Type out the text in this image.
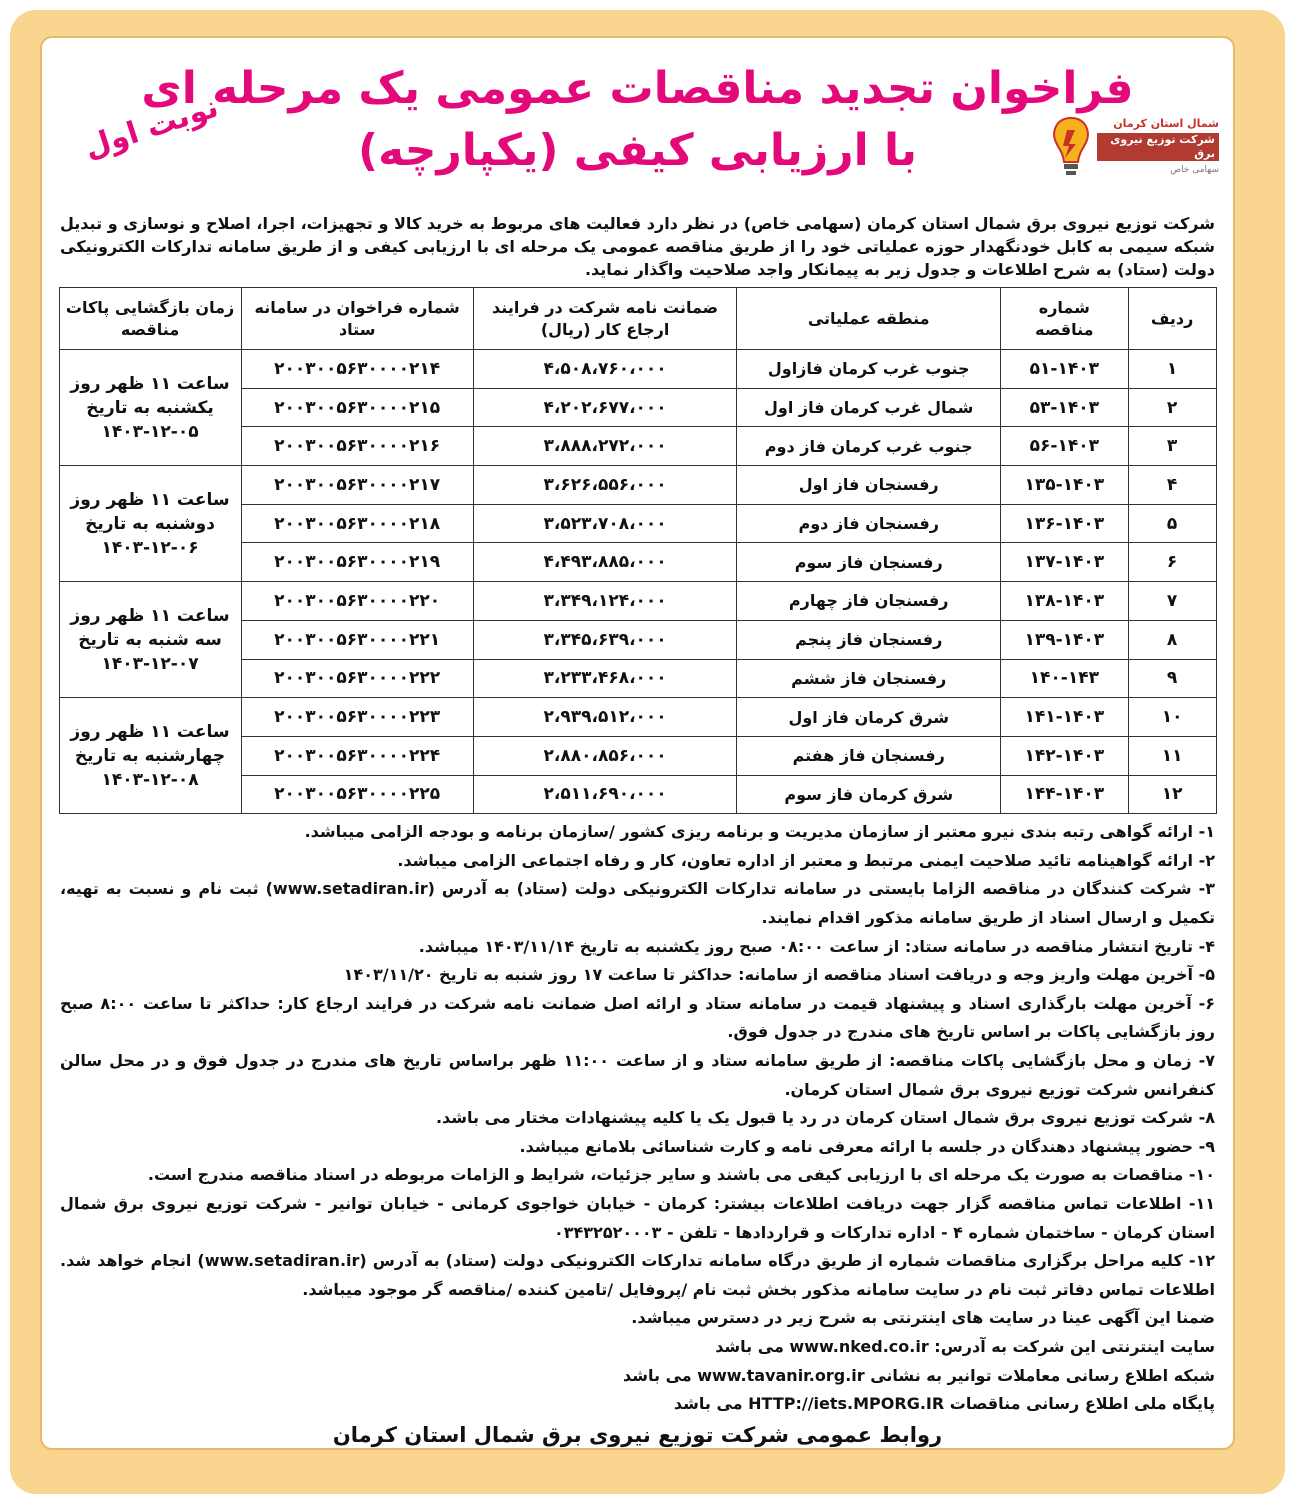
شمال استان کرمان
شرکت توزیع نیروی برق
سهامی خاص
فراخوان تجدید مناقصات عمومی یک مرحله ای
با ارزیابی کیفی (یکپارچه)
نوبت اول

شرکت توزیع نیروی برق شمال استان کرمان (سهامی خاص) در نظر دارد فعالیت های مربوط به خرید کالا و تجهیزات، اجرا، اصلاح و نوسازی و تبدیل شبکه سیمی به کابل خودنگهدار حوزه عملیاتی خود را از طریق مناقصه عمومی یک مرحله ای با ارزیابی کیفی و از طریق سامانه تدارکات الکترونیکی دولت (ستاد) به شرح اطلاعات و جدول زیر به پیمانکار واجد صلاحیت واگذار نماید.

ردیف	شماره مناقصه	منطقه عملیاتی	ضمانت نامه شرکت در فرایند ارجاع کار (ریال)	شماره فراخوان در سامانه ستاد	زمان بازگشایی پاکات مناقصه
۱	۵۱-۱۴۰۳	جنوب غرب کرمان فازاول	۴،۵۰۸،۷۶۰،۰۰۰	۲۰۰۳۰۰۵۶۳۰۰۰۰۲۱۴	ساعت ۱۱ ظهر روز یکشنبه به تاریخ ۰۵-۱۲-۱۴۰۳
۲	۵۳-۱۴۰۳	شمال غرب کرمان فاز اول	۴،۲۰۲،۶۷۷،۰۰۰	۲۰۰۳۰۰۵۶۳۰۰۰۰۲۱۵	
۳	۵۶-۱۴۰۳	جنوب غرب کرمان فاز دوم	۳،۸۸۸،۲۷۲،۰۰۰	۲۰۰۳۰۰۵۶۳۰۰۰۰۲۱۶	
۴	۱۳۵-۱۴۰۳	رفسنجان فاز اول	۳،۶۲۶،۵۵۶،۰۰۰	۲۰۰۳۰۰۵۶۳۰۰۰۰۲۱۷	ساعت ۱۱ ظهر روز دوشنبه به تاریخ ۰۶-۱۲-۱۴۰۳
۵	۱۳۶-۱۴۰۳	رفسنجان فاز دوم	۳،۵۲۳،۷۰۸،۰۰۰	۲۰۰۳۰۰۵۶۳۰۰۰۰۲۱۸	
۶	۱۳۷-۱۴۰۳	رفسنجان فاز سوم	۴،۴۹۳،۸۸۵،۰۰۰	۲۰۰۳۰۰۵۶۳۰۰۰۰۲۱۹	
۷	۱۳۸-۱۴۰۳	رفسنجان فاز چهارم	۳،۳۴۹،۱۲۴،۰۰۰	۲۰۰۳۰۰۵۶۳۰۰۰۰۲۲۰	ساعت ۱۱ ظهر روز سه شنبه به تاریخ ۰۷-۱۲-۱۴۰۳
۸	۱۳۹-۱۴۰۳	رفسنجان فاز پنجم	۳،۳۴۵،۶۳۹،۰۰۰	۲۰۰۳۰۰۵۶۳۰۰۰۰۲۲۱	
۹	۱۴۰-۱۴۳	رفسنجان فاز ششم	۳،۲۳۳،۴۶۸،۰۰۰	۲۰۰۳۰۰۵۶۳۰۰۰۰۲۲۲	
۱۰	۱۴۱-۱۴۰۳	شرق کرمان فاز اول	۲،۹۳۹،۵۱۲،۰۰۰	۲۰۰۳۰۰۵۶۳۰۰۰۰۲۲۳	ساعت ۱۱ ظهر روز چهارشنبه به تاریخ ۰۸-۱۲-۱۴۰۳
۱۱	۱۴۲-۱۴۰۳	رفسنجان فاز هفتم	۲،۸۸۰،۸۵۶،۰۰۰	۲۰۰۳۰۰۵۶۳۰۰۰۰۲۲۴	
۱۲	۱۴۴-۱۴۰۳	شرق کرمان فاز سوم	۲،۵۱۱،۶۹۰،۰۰۰	۲۰۰۳۰۰۵۶۳۰۰۰۰۲۲۵	

۱- ارائه گواهی رتبه بندی نیرو معتبر از سازمان مدیریت و برنامه ریزی کشور /سازمان برنامه و بودجه الزامی میباشد.

۲- ارائه گواهینامه تائید صلاحیت ایمنی مرتبط و معتبر از اداره تعاون، کار و رفاه اجتماعی الزامی میباشد.

۳- شرکت کنندگان در مناقصه الزاما بایستی در سامانه تدارکات الکترونیکی دولت (ستاد) به آدرس (www.setadiran.ir) ثبت نام و نسبت به تهیه، تکمیل و ارسال اسناد از طریق سامانه مذکور اقدام نمایند.

۴- تاریخ انتشار مناقصه در سامانه ستاد: از ساعت ۰۸:۰۰ صبح روز یکشنبه به تاریخ ۱۴۰۳/۱۱/۱۴ میباشد.

۵- آخرین مهلت واریز وجه و دریافت اسناد مناقصه از سامانه: حداکثر تا ساعت ۱۷ روز شنبه به تاریخ ۱۴۰۳/۱۱/۲۰

۶- آخرین مهلت بارگذاری اسناد و پیشنهاد قیمت در سامانه ستاد و ارائه اصل ضمانت نامه شرکت در فرایند ارجاع کار: حداکثر تا ساعت ۸:۰۰ صبح روز بازگشایی پاکات بر اساس تاریخ های مندرج در جدول فوق.

۷- زمان و محل بازگشایی پاکات مناقصه: از طریق سامانه ستاد و از ساعت ۱۱:۰۰ ظهر براساس تاریخ های مندرج در جدول فوق و در محل سالن کنفرانس شرکت توزیع نیروی برق شمال استان کرمان.

۸- شرکت توزیع نیروی برق شمال استان کرمان در رد یا قبول یک یا کلیه پیشنهادات مختار می باشد.

۹- حضور پیشنهاد دهندگان در جلسه با ارائه معرفی نامه و کارت شناسائی بلامانع میباشد.

۱۰- مناقصات به صورت یک مرحله ای با ارزیابی کیفی می باشند و سایر جزئیات، شرایط و الزامات مربوطه در اسناد مناقصه مندرج است.

۱۱- اطلاعات تماس مناقصه گزار جهت دریافت اطلاعات بیشتر: کرمان - خیابان خواجوی کرمانی - خیابان توانیر - شرکت توزیع نیروی برق شمال استان کرمان - ساختمان شماره ۴ - اداره تدارکات و قراردادها - تلفن - ۰۳۴۳۲۵۲۰۰۰۳

۱۲- کلیه مراحل برگزاری مناقصات شماره از طریق درگاه سامانه تدارکات الکترونیکی دولت (ستاد) به آدرس (www.setadiran.ir) انجام خواهد شد. اطلاعات تماس دفاتر ثبت نام در سایت سامانه مذکور بخش ثبت نام /پروفایل /تامین کننده /مناقصه گر موجود میباشد.

ضمنا این آگهی عینا در سایت های اینترنتی به شرح زیر در دسترس میباشد.

سایت اینترنتی این شرکت به آدرس: www.nked.co.ir می باشد

شبکه اطلاع رسانی معاملات توانیر به نشانی www.tavanir.org.ir می باشد

پایگاه ملی اطلاع رسانی مناقصات HTTP://iets.MPORG.IR می باشد

روابط عمومی شرکت توزیع نیروی برق شمال استان کرمان
